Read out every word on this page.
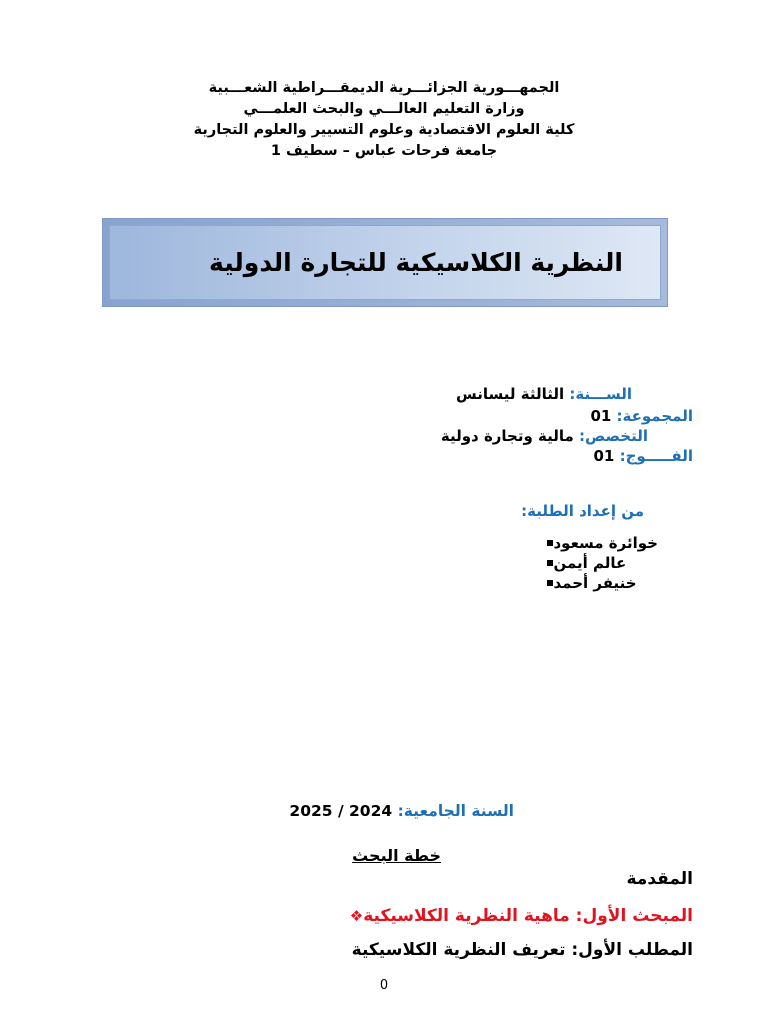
الجمهـــورية الجزائـــرية الديمقـــراطية الشعـــبية
وزارة التعليم العالـــي والبحث العلمـــي
كلية العلوم الاقتصادية وعلوم التسيير والعلوم التجارية
جامعة فرحات عباس – سطيف 1
النظرية الكلاسيكية للتجارة الدولية
الســـنة: الثالثة ليسانس
المجموعة: 01
التخصص: مالية وتجارة دولية
الفـــــوج: 01
من إعداد الطلبة:
خوائرة مسعود
عالم أيمن
خنيفر أحمد
السنة الجامعية: 2024 / 2025
خطة البحث
المقدمة
❖ المبحث الأول: ماهية النظرية الكلاسيكية
المطلب الأول: تعريف النظرية الكلاسيكية
0
